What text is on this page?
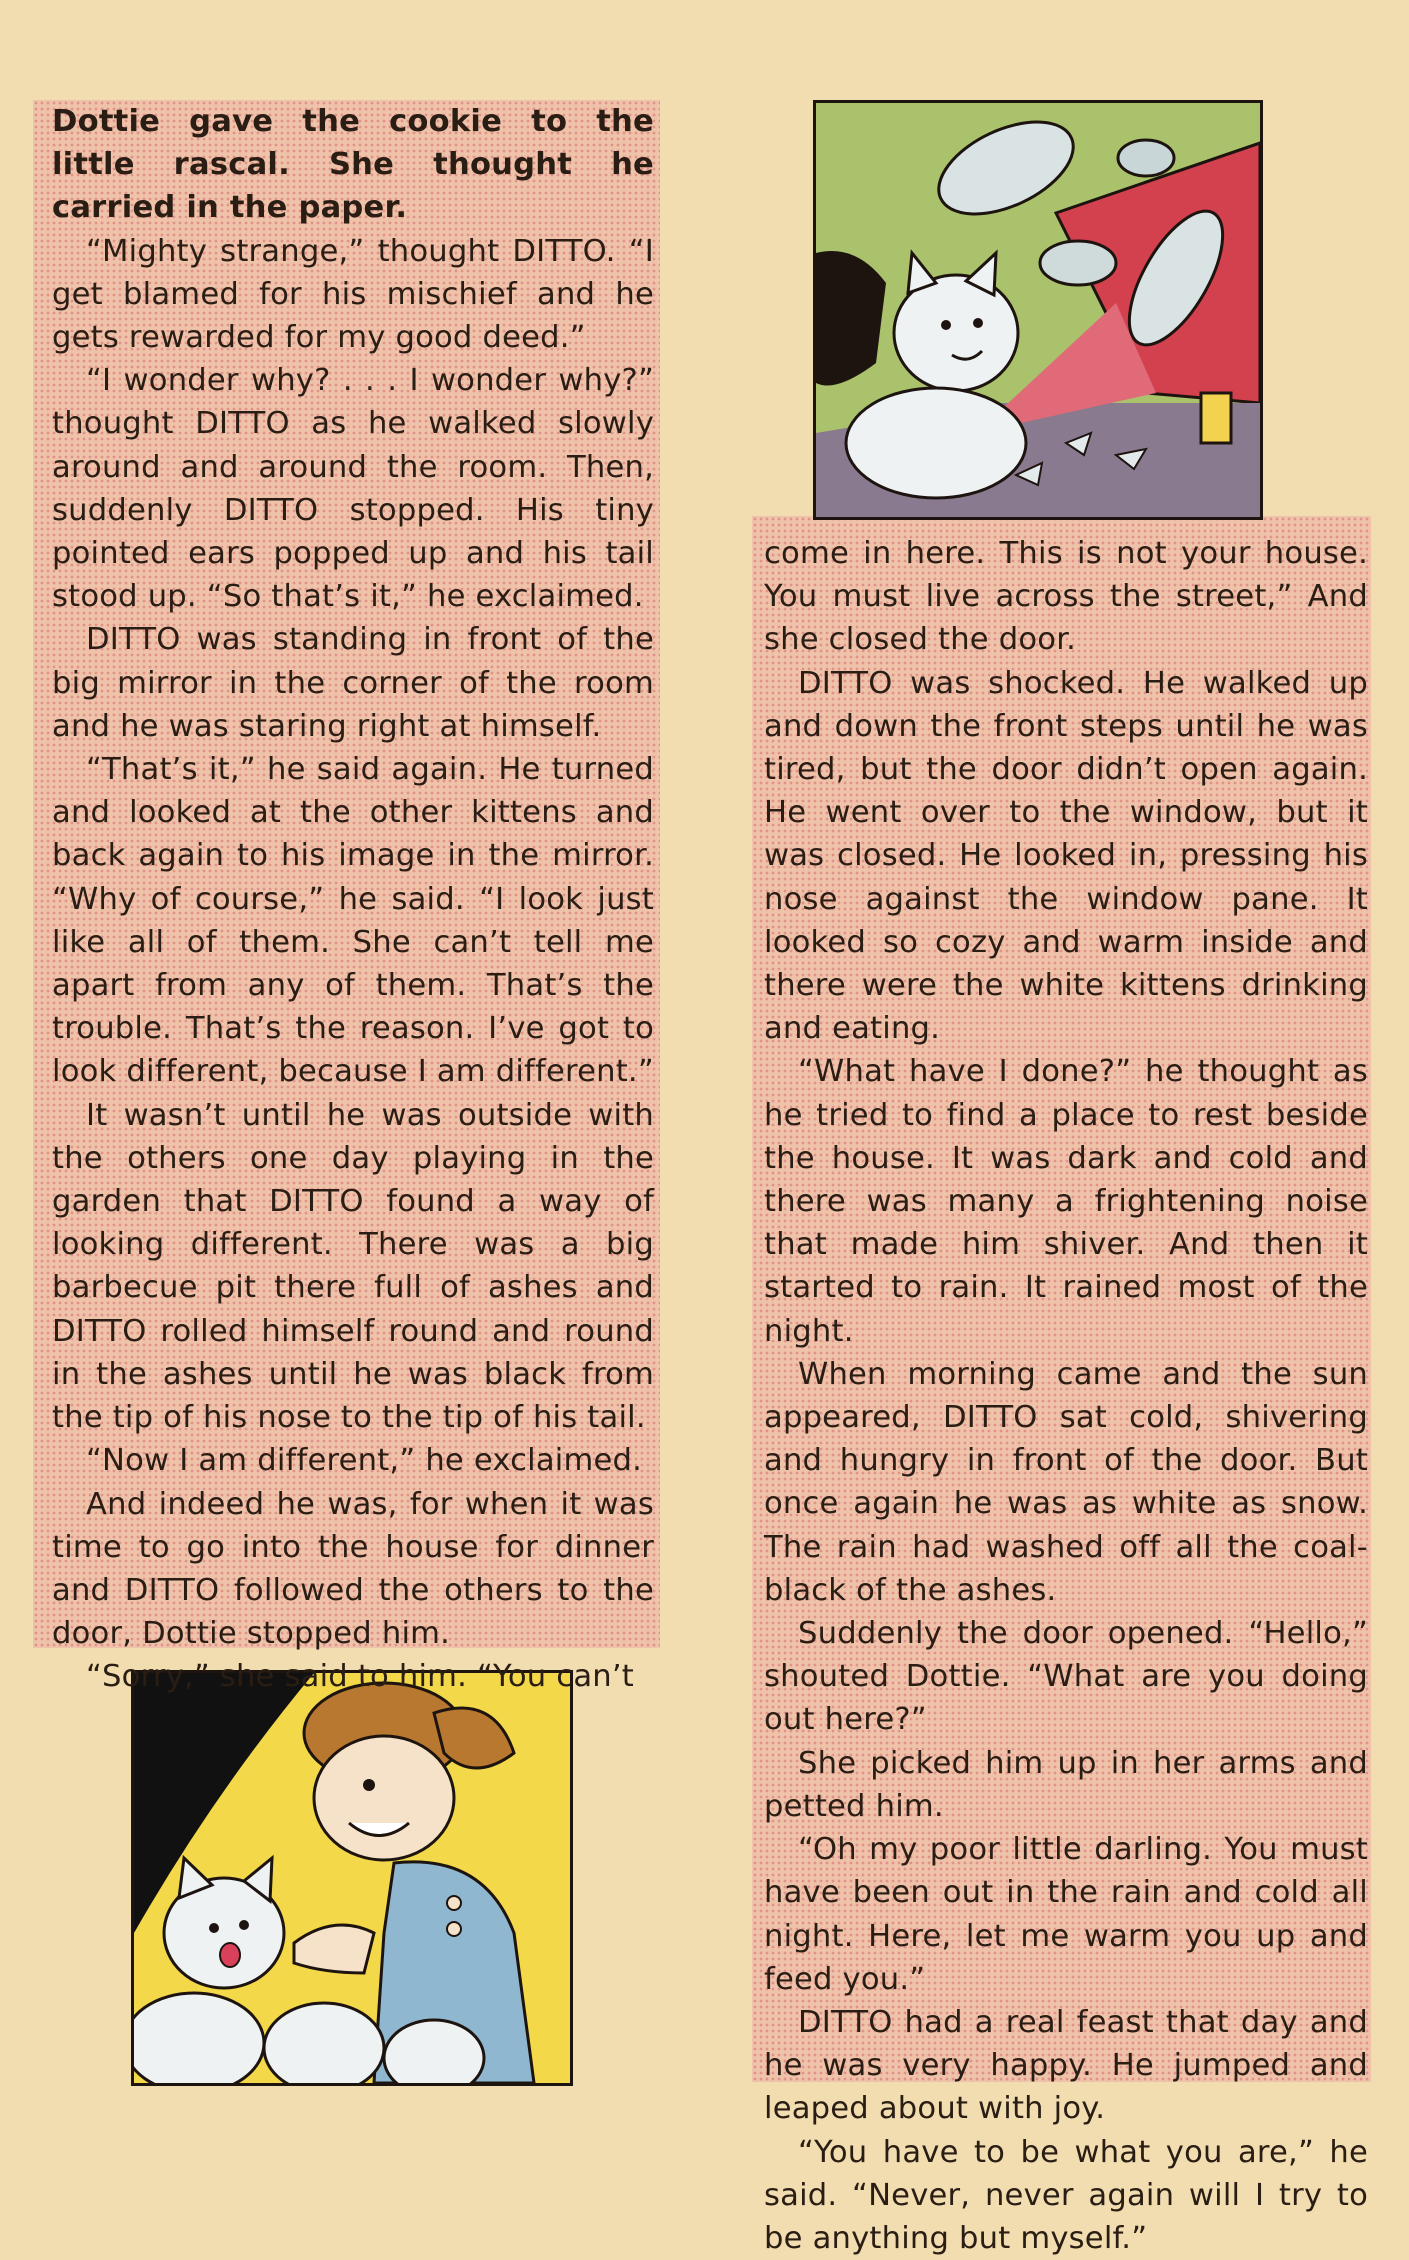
Dottie gave the cookie to the little rascal. She thought he carried in the paper.

“Mighty strange,” thought DITTO. “I get blamed for his mischief and he gets rewarded for my good deed.”

“I wonder why? . . . I wonder why?” thought DITTO as he walked slowly around and around the room. Then, suddenly DITTO stopped. His tiny pointed ears popped up and his tail stood up. “So that’s it,” he exclaimed.

DITTO was standing in front of the big mirror in the corner of the room and he was staring right at himself.

“That’s it,” he said again. He turned and looked at the other kittens and back again to his image in the mirror. “Why of course,” he said. “I look just like all of them. She can’t tell me apart from any of them. That’s the trouble. That’s the reason. I’ve got to look different, because I am different.”

It wasn’t until he was outside with the others one day playing in the garden that DITTO found a way of looking different. There was a big barbecue pit there full of ashes and DITTO rolled himself round and round in the ashes until he was black from the tip of his nose to the tip of his tail.

“Now I am different,” he exclaimed.

And indeed he was, for when it was time to go into the house for dinner and DITTO followed the others to the door, Dottie stopped him.

“Sorry,” she said to him. “You can’t

come in here. This is not your house. You must live across the street,” And she closed the door.

DITTO was shocked. He walked up and down the front steps until he was tired, but the door didn’t open again. He went over to the window, but it was closed. He looked in, pressing his nose against the window pane. It looked so cozy and warm inside and there were the white kittens drinking and eating.

“What have I done?” he thought as he tried to find a place to rest beside the house. It was dark and cold and there was many a frightening noise that made him shiver. And then it started to rain. It rained most of the night.

When morning came and the sun appeared, DITTO sat cold, shivering and hungry in front of the door. But once again he was as white as snow. The rain had washed off all the coal-black of the ashes.

Suddenly the door opened. “Hello,” shouted Dottie. “What are you doing out here?”

She picked him up in her arms and petted him.

“Oh my poor little darling. You must have been out in the rain and cold all night. Here, let me warm you up and feed you.”

DITTO had a real feast that day and he was very happy. He jumped and leaped about with joy.

“You have to be what you are,” he said. “Never, never again will I try to be anything but myself.”
